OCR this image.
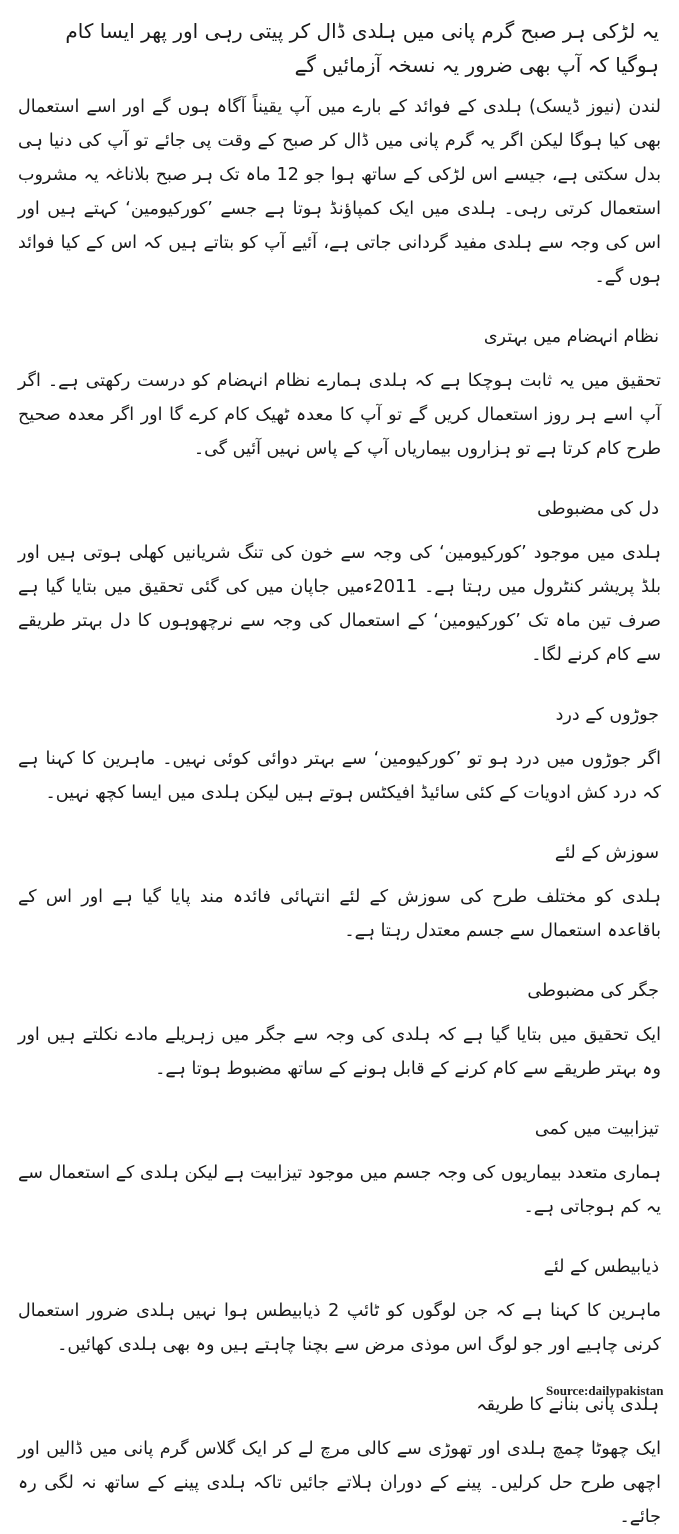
یہ لڑکی ہر صبح گرم پانی میں ہلدی ڈال کر پیتی رہی اور پھر ایسا کام ہوگیا کہ آپ بھی ضرور یہ نسخہ آزمائیں گے

لندن (نیوز ڈیسک) ہلدی کے فوائد کے بارے میں آپ یقیناً آگاہ ہوں گے اور اسے استعمال بھی کیا ہوگا لیکن اگر یہ گرم پانی میں ڈال کر صبح کے وقت پی جائے تو آپ کی دنیا ہی بدل سکتی ہے، جیسے اس لڑکی کے ساتھ ہوا جو 12 ماہ تک ہر صبح بلاناغہ یہ مشروب استعمال کرتی رہی۔ ہلدی میں ایک کمپاﺅنڈ ہوتا ہے جسے ’کورکیومین‘ کہتے ہیں اور اس کی وجہ سے ہلدی مفید گردانی جاتی ہے، آئیے آپ کو بتاتے ہیں کہ اس کے کیا فوائد ہوں گے۔

نظام انہضام میں بہتری

تحقیق میں یہ ثابت ہوچکا ہے کہ ہلدی ہمارے نظام انہضام کو درست رکھتی ہے۔ اگر آپ اسے ہر روز استعمال کریں گے تو آپ کا معدہ ٹھیک کام کرے گا اور اگر معدہ صحیح طرح کام کرتا ہے تو ہزاروں بیماریاں آپ کے پاس نہیں آئیں گی۔

دل کی مضبوطی

ہلدی میں موجود ’کورکیومین‘ کی وجہ سے خون کی تنگ شریانیں کھلی ہوتی ہیں اور بلڈ پریشر کنٹرول میں رہتا ہے۔ 2011ءمیں جاپان میں کی گئی تحقیق میں بتایا گیا ہے صرف تین ماہ تک ’کورکیومین‘ کے استعمال کی وجہ سے نرچھوہوں کا دل بہتر طریقے سے کام کرنے لگا۔

جوڑوں کے درد

اگر جوڑوں میں درد ہو تو ’کورکیومین‘ سے بہتر دوائی کوئی نہیں۔ ماہرین کا کہنا ہے کہ درد کش ادویات کے کئی سائیڈ افیکٹس ہوتے ہیں لیکن ہلدی میں ایسا کچھ نہیں۔

سوزش کے لئے

ہلدی کو مختلف طرح کی سوزش کے لئے انتہائی فائدہ مند پایا گیا ہے اور اس کے باقاعدہ استعمال سے جسم معتدل رہتا ہے۔

جگر کی مضبوطی

ایک تحقیق میں بتایا گیا ہے کہ ہلدی کی وجہ سے جگر میں زہریلے مادے نکلتے ہیں اور وہ بہتر طریقے سے کام کرنے کے قابل ہونے کے ساتھ مضبوط ہوتا ہے۔

تیزابیت میں کمی

ہماری متعدد بیماریوں کی وجہ جسم میں موجود تیزابیت ہے لیکن ہلدی کے استعمال سے یہ کم ہوجاتی ہے۔

ذیابیطس کے لئے

ماہرین کا کہنا ہے کہ جن لوگوں کو ٹائپ 2 ذیابیطس ہوا نہیں ہلدی ضرور استعمال کرنی چاہیے اور جو لوگ اس موذی مرض سے بچنا چاہتے ہیں وہ بھی ہلدی کھائیں۔

ہلدی پانی بنانے کا طریقہ

ایک چھوٹا چمچ ہلدی اور تھوڑی سے کالی مرچ لے کر ایک گلاس گرم پانی میں ڈالیں اور اچھی طرح حل کرلیں۔ پینے کے دوران ہلاتے جائیں تاکہ ہلدی پینے کے ساتھ نہ لگی رہ جائے۔

Source:dailypakistan
